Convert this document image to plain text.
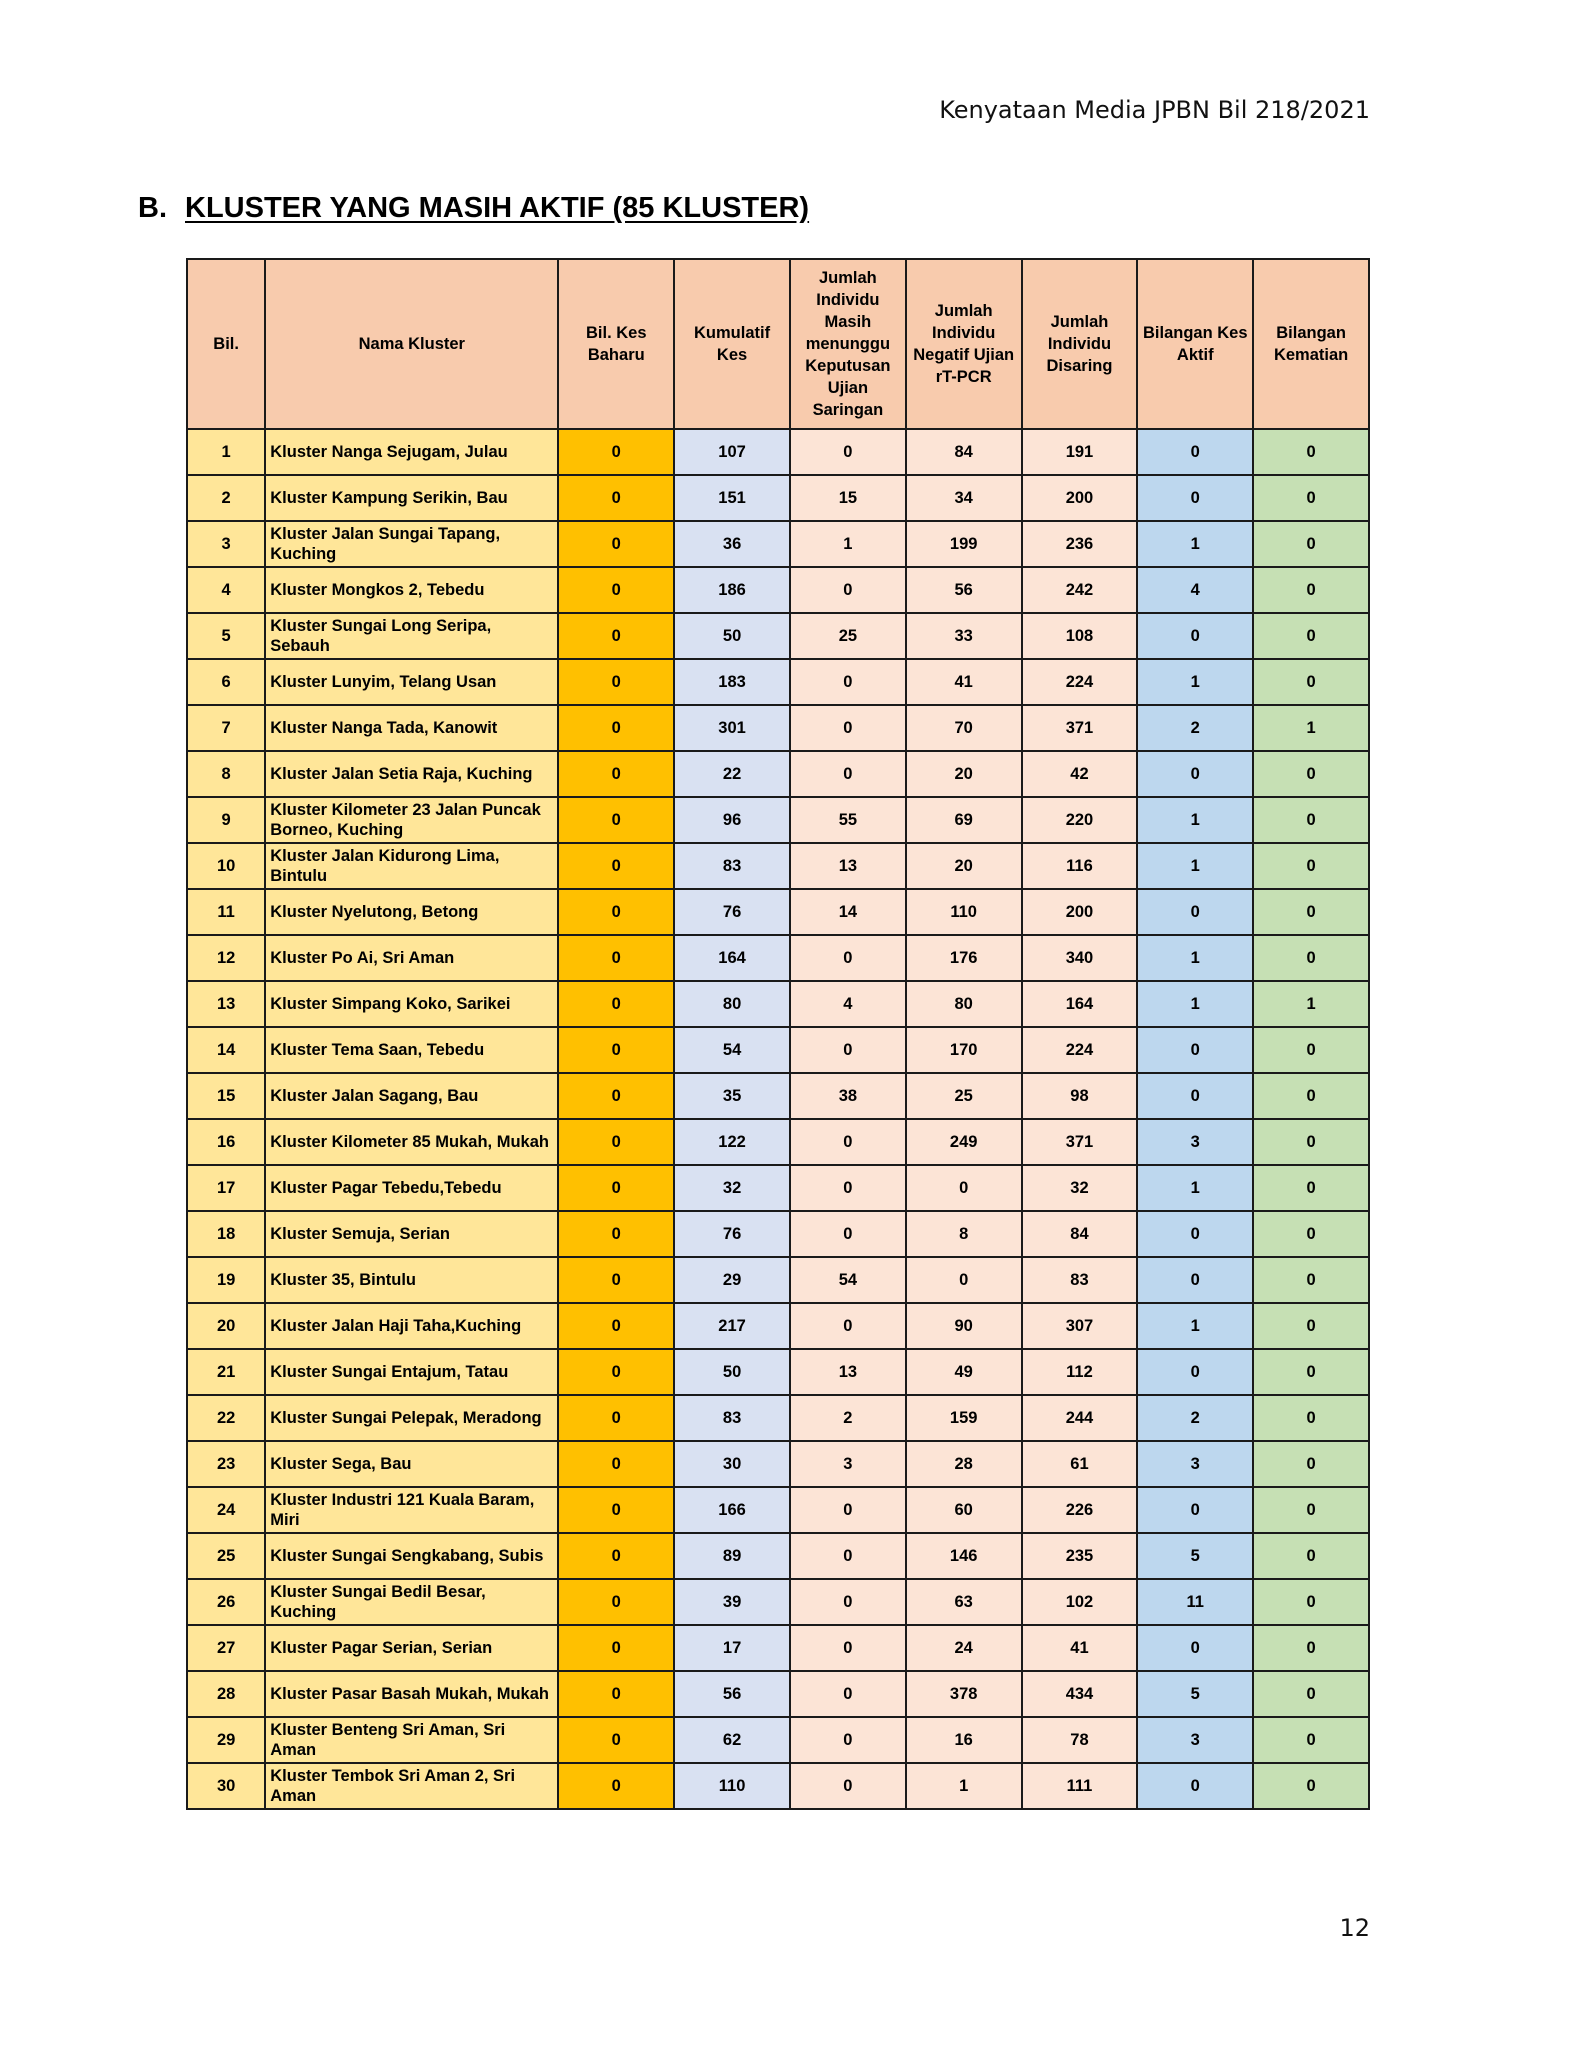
Kenyataan Media JPBN Bil 218/2021
B. KLUSTER YANG MASIH AKTIF (85 KLUSTER)
Bil.	Nama Kluster	Bil. Kes Baharu	Kumulatif Kes	Jumlah Individu Masih menunggu Keputusan Ujian Saringan	Jumlah Individu Negatif Ujian rT-PCR	Jumlah Individu Disaring	Bilangan Kes Aktif	Bilangan Kematian
1	Kluster Nanga Sejugam, Julau	0	107	0	84	191	0	0
2	Kluster Kampung Serikin, Bau	0	151	15	34	200	0	0
3	Kluster Jalan Sungai Tapang, Kuching	0	36	1	199	236	1	0
4	Kluster Mongkos 2, Tebedu	0	186	0	56	242	4	0
5	Kluster Sungai Long Seripa, Sebauh	0	50	25	33	108	0	0
6	Kluster Lunyim, Telang Usan	0	183	0	41	224	1	0
7	Kluster Nanga Tada, Kanowit	0	301	0	70	371	2	1
8	Kluster Jalan Setia Raja, Kuching	0	22	0	20	42	0	0
9	Kluster Kilometer 23 Jalan Puncak Borneo, Kuching	0	96	55	69	220	1	0
10	Kluster Jalan Kidurong Lima, Bintulu	0	83	13	20	116	1	0
11	Kluster Nyelutong, Betong	0	76	14	110	200	0	0
12	Kluster Po Ai, Sri Aman	0	164	0	176	340	1	0
13	Kluster Simpang Koko, Sarikei	0	80	4	80	164	1	1
14	Kluster Tema Saan, Tebedu	0	54	0	170	224	0	0
15	Kluster Jalan Sagang, Bau	0	35	38	25	98	0	0
16	Kluster Kilometer 85 Mukah, Mukah	0	122	0	249	371	3	0
17	Kluster Pagar Tebedu,Tebedu	0	32	0	0	32	1	0
18	Kluster Semuja, Serian	0	76	0	8	84	0	0
19	Kluster 35, Bintulu	0	29	54	0	83	0	0
20	Kluster Jalan Haji Taha,Kuching	0	217	0	90	307	1	0
21	Kluster Sungai Entajum, Tatau	0	50	13	49	112	0	0
22	Kluster Sungai Pelepak, Meradong	0	83	2	159	244	2	0
23	Kluster Sega, Bau	0	30	3	28	61	3	0
24	Kluster Industri 121 Kuala Baram, Miri	0	166	0	60	226	0	0
25	Kluster Sungai Sengkabang, Subis	0	89	0	146	235	5	0
26	Kluster Sungai Bedil Besar, Kuching	0	39	0	63	102	11	0
27	Kluster Pagar Serian, Serian	0	17	0	24	41	0	0
28	Kluster Pasar Basah Mukah, Mukah	0	56	0	378	434	5	0
29	Kluster Benteng Sri Aman, Sri Aman	0	62	0	16	78	3	0
30	Kluster Tembok Sri Aman 2, Sri Aman	0	110	0	1	111	0	0
12
